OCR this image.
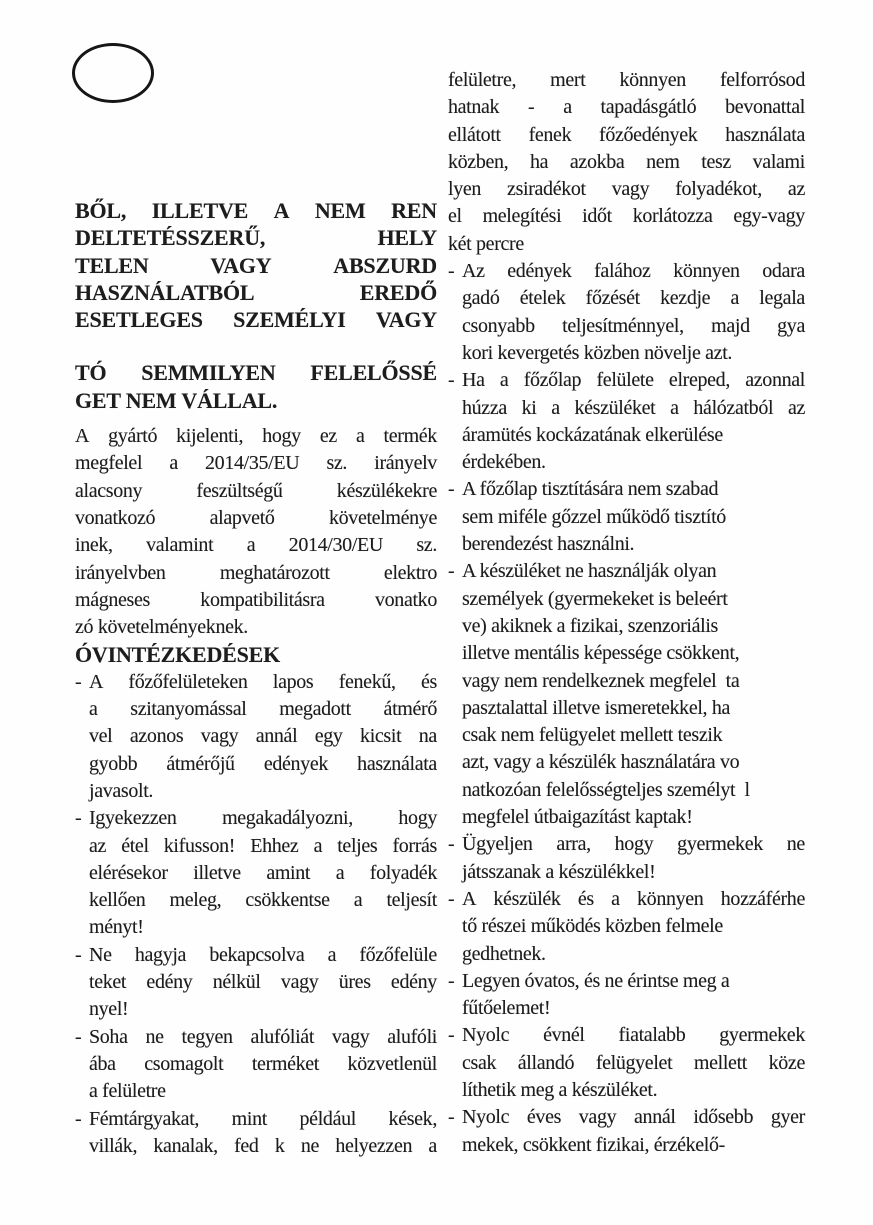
BŐL, ILLETVE A NEM REN
DELTETÉSSZERŰ,	HELY
TELEN	VAGY	ABSZURD
HASZNÁLATBÓL	EREDŐ
ESETLEGES SZEMÉLYI VAGY
TÓ SEMMILYEN FELELŐSSÉ
GET NEM VÁLLAL.
A gyártó kijelenti, hogy ez a termék
megfelel a 2014/35/EU sz. irányelv
alacsony	feszültségű	készülékekre
vonatkozó	alapvető	követelménye
inek, valamint a 2014/30/EU sz.
irányelvben	meghatározott	elektro
mágneses	kompatibilitásra	vonatko
zó követelményeknek.
ÓVINTÉZKEDÉSEK
- A főzőfelületeken lapos fenekű, és
a szitanyomással megadott átmérő
vel azonos vagy annál egy kicsit na
gyobb átmérőjű edények használata
javasolt.
- Igyekezzen megakadályozni, hogy
az étel kifusson! Ehhez a teljes forrás
elérésekor illetve amint a folyadék
kellően meleg, csökkentse a teljesít
ményt!
- Ne hagyja bekapcsolva a főzőfelüle
teket edény nélkül vagy üres edény
nyel!
- Soha ne tegyen alufóliát vagy alufóli
ába csomagolt terméket közvetlenül
a felületre
- Fémtárgyakat, mint például kések,
villák, kanalak, fed k ne helyezzen a
felületre, mert könnyen felforrósod
hatnak - a tapadásgátló bevonattal
ellátott fenek főzőedények használata
közben, ha azokba nem tesz valami
lyen zsiradékot vagy folyadékot, az
el melegítési időt korlátozza egy-vagy
két percre
- Az edények falához könnyen odara
gadó ételek főzését kezdje a legala
csonyabb teljesítménnyel, majd gya
kori kevergetés közben növelje azt.
- Ha a főzőlap felülete elreped, azonnal
húzza ki a készüléket a hálózatból az
áramütés kockázatának elkerülése
érdekében.
- A főzőlap tisztítására nem szabad
sem miféle gőzzel működő tisztító
berendezést használni.
- A készüléket ne használják olyan
személyek (gyermekeket is beleért
ve) akiknek a fizikai, szenzoriális
illetve mentális képessége csökkent,
vagy nem rendelkeznek megfelel  ta
pasztalattal illetve ismeretekkel, ha
csak nem felügyelet mellett teszik
azt, vagy a készülék használatára vo
natkozóan felelősségteljes személyt  l
megfelel útbaigazítást kaptak!
- Ügyeljen arra, hogy gyermekek ne
játsszanak a készülékkel!
- A készülék és a könnyen hozzáférhe
tő részei működés közben felmele
gedhetnek.
- Legyen óvatos, és ne érintse meg a
fűtőelemet!
- Nyolc évnél fiatalabb gyermekek
csak állandó felügyelet mellett köze
líthetik meg a készüléket.
- Nyolc éves vagy annál idősebb gyer
mekek, csökkent fizikai, érzékelő-
